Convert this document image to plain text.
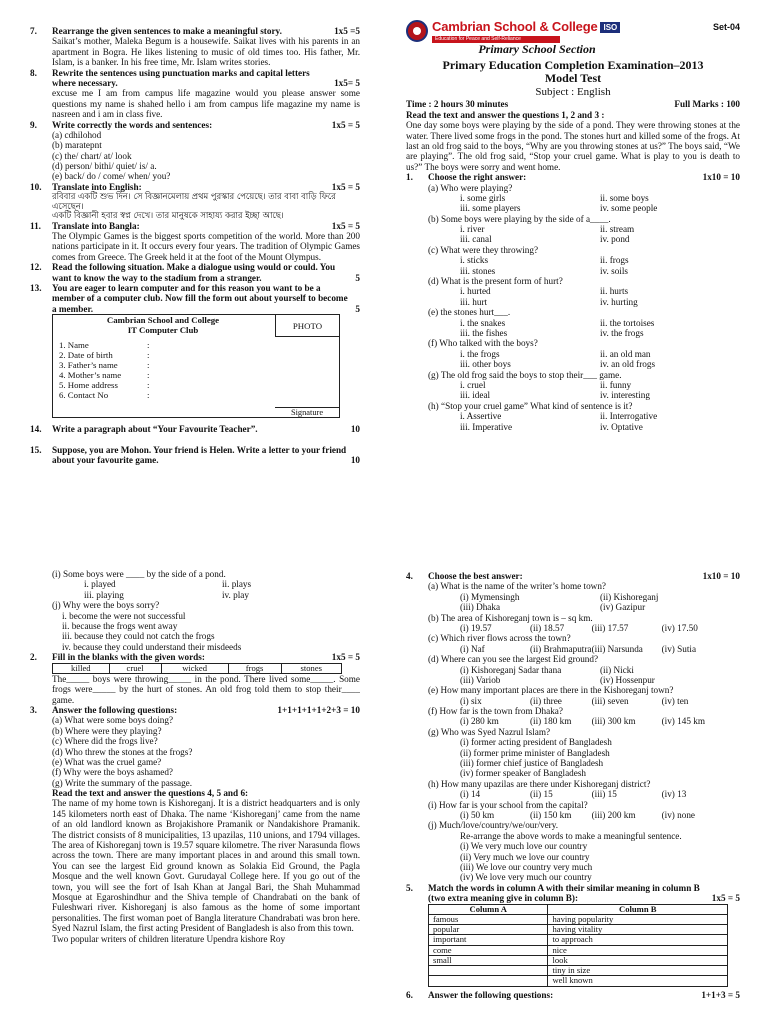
7.	Rearrange the given sentences to make a meaningful story.	1x5 =5
Saikat’s mother, Maleka Begum is a housewife. Saikat lives with his parents in an apartment in Bogra. He likes listening to music of old times too. His father, Mr. Islam, is a banker. In his free time, Mr. Islam writes stories.
8.	Rewrite the sentences using punctuation marks and capital letters where necessary.	1x5= 5
excuse me I am from campus life magazine would you please answer some questions my name is shahed hello i am from campus life magazine my name is nasreen and i am in class five.
9.	Write correctly the words and sentences:	1x5 = 5
(a) cdhilohod
(b) maratepnt
(c) the/ chart/ at/ look
(d) person/ bithi/ quiet/ is/ a.
(e) back/ do / come/ when/ you?
10.	Translate into English:	1x5 = 5
রবিবার একটি শুভ দিন। সে বিজ্ঞানমেলায় প্রথম পুরস্কার পেয়েছে। তার বাবা বাড়ি ফিরে এসেছেন।
একটি বিজ্ঞানী হবার স্বপ্ন দেখে। তার মানুষকে সাহায্য করার ইচ্ছা আছে।
11.	Translate into Bangla:	1x5 = 5
The Olympic Games is the biggest sports competition of the world. More than 200 nations participate in it. It occurs every four years. The tradition of Olympic Games comes from Greece. The Greek held it at the foot of the Mount Olympus.
12.	Read the following situation. Make a dialogue using would or could. You want to know the way to the stadium from a stranger.	5
13.	You are eager to learn computer and for this reason you want to be a member of a computer club. Now fill the form out about yourself to become a member.	5
Cambrian School and College
IT Computer Club	PHOTO
1. Name	:
2. Date of birth	:
3. Father’s name	:
4. Mother’s name	:
5. Home address	:
6. Contact No	:
Signature
14.	Write a paragraph about “Your Favourite Teacher”.	10
15.	Suppose, you are Mohon. Your friend is Helen. Write a letter to your friend about your favourite game.	10
Cambrian School & College ISO
Education for Peace and Self-Reliance
Primary School Section
Set-04
Primary Education Completion Examination–2013
Model Test
Subject : English
Time : 2 hours 30 minutes	Full Marks : 100
Read the text and answer the questions 1, 2 and 3 :
One day some boys were playing by the side of a pond. They were throwing stones at the water. There lived some frogs in the pond. The stones hurt and killed some of the frogs. At last an old frog said to the boys, “Why are you throwing stones at us?” The boys said, “We are playing”. The old frog said, “Stop your cruel game. What is play to you is death to us?” The boys were sorry and went home.
1.	Choose the right answer:	1x10 = 10
(a) Who were playing?
i. some girls	ii. some boys
iii. some players	iv. some people
(b) Some boys were playing by the side of a____.
i. river	ii. stream
iii. canal	iv. pond
(c) What were they throwing?
i. sticks	ii. frogs
iii. stones	iv. soils
(d) What is the present form of hurt?
i. hurted	ii. hurts
iii. hurt	iv. hurting
(e) the stones hurt___.
i. the snakes	ii. the tortoises
iii. the fishes	iv. the frogs
(f) Who talked with the boys?
i. the frogs	ii. an old man
iii. other boys	iv. an old frogs
(g) The old frog said the boys to stop their___ game.
i. cruel	ii. funny
iii. ideal	iv. interesting
(h) “Stop your cruel game” What kind of sentence is it?
i. Assertive	ii. Interrogative
iii. Imperative	iv. Optative
(i) Some boys were ____ by the side of a pond.
i. played	ii. plays
iii. playing	iv. play
(j) Why were the boys sorry?
i. become the were not successful
ii. because the frogs went away
iii. because they could not catch the frogs
iv. because they could understand their misdeeds
2.	Fill in the blanks with the given words:	1x5 = 5
killed	cruel	wicked	frogs	stones
The_____ boys were throwing_____ in the pond. There lived some_____. Some frogs were_____ by the hurt of stones. An old frog told them to stop their____ game.
3.	Answer the following questions:	1+1+1+1+1+2+3 = 10
(a) What were some boys doing?
(b) Where were they playing?
(c) Where did the frogs live?
(d) Who threw the stones at the frogs?
(e) What was the cruel game?
(f) Why were the boys ashamed?
(g) Write the summary of the passage.
Read the text and answer the questions 4, 5 and 6:
The name of my home town is Kishoreganj. It is a district headquarters and is only 145 kilometers north east of Dhaka. The name ‘Kishoreganj’ came from the name of an old landlord known as Brojakishore Pramanik or Nandakishore Pramanik. The district consists of 8 municipalities, 13 upazilas, 110 unions, and 1794 villages. The area of Kishoreganj town is 19.57 square kilometre. The river Narasunda flows across the town. There are many important places in and around this small town. You can see the largest Eid ground known as Solakia Eid Ground, the Pagla Mosque and the well known Govt. Gurudayal College here. If you go out of the town, you will see the fort of Isah Khan at Jangal Bari, the Shah Muhammad Mosque at Egaroshindhur and the Shiva temple of Chandrabati on the bank of Fuleshwari river. Kishoreganj is also famous as the home of some important personalities. The first woman poet of Bangla literature Chandrabati was bron here. Syed Nazrul Islam, the first acting President of Bangladesh is also from this town.
Two popular writers of children literature Upendra kishore Roy
4.	Choose the best answer:	1x10 = 10
(a) What is the name of the writer’s home town?
(i) Mymensingh	(ii) Kishoreganj
(iii) Dhaka	(iv) Gazipur
(b) The area of Kishoreganj town is – sq km.
(i) 19.57	(ii) 18.57	(iii) 17.57	(iv) 17.50
(c) Which river flows across the town?
(i) Naf	(ii) Brahmaputra (iii) Narsunda	(iv) Sutia
(d) Where can you see the largest Eid ground?
(i) Kishoreganj Sadar thana	(ii) Nicki
(iii) Variob	(iv) Hossenpur
(e) How many important places are there in the Kishoreganj town?
(i) six	(ii) three	(iii) seven	(iv) ten
(f) How far is the town from Dhaka?
(i) 280 km	(ii) 180 km	(iii) 300 km	(iv) 145 km
(g) Who was Syed Nazrul Islam?
(i) former acting president of Bangladesh
(ii) former prime minister of Bangladesh
(iii) former chief justice of Bangladesh
(iv) former speaker of Bangladesh
(h) How many upazilas are there under Kishoreganj district?
(i) 14	(ii) 15	(iii) 15	(iv) 13
(i) How far is your school from the capital?
(i) 50 km	(ii) 150 km	(iii) 200 km	(iv) none
(j) Much/love/country/we/our/very.
Re-arrange the above words to make a meaningful sentence.
(i) We very much love our country
(ii) Very much we love our country
(iii) We love our country very much
(iv) We love very much our country
5.	Match the words in column A with their similar meaning in column B (two extra meaning give in column B):	1x5 = 5
Column A	Column B
famous	having popularity
popular	having vitality
important	to approach
come	nice
small	look
	tiny in size
	well known
6.	Answer the following questions:	1+1+3 = 5
